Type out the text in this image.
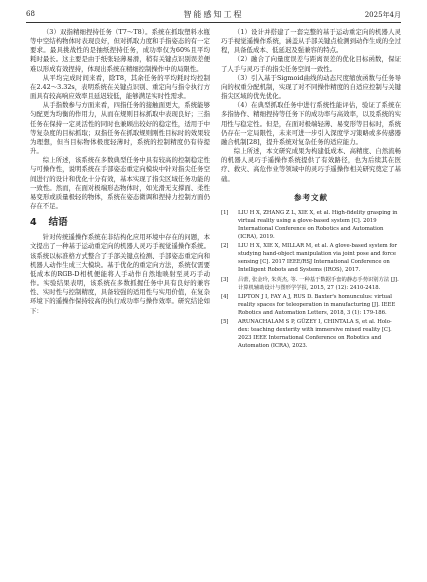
68	智能感知工程	2025年4月

（3）双指精细捏持任务（T7～T8）。系统在抓取塑料水瓶等中空结构物体时表现良好，但对抓取力度和手指姿态的有一定要求。最具挑战性的是抽纸捏持任务，成功率仅为60%且平均耗时最长。这主要是由于纸张轻薄易滑，稍有关键点识别误差便难以形成有效捏持，体现出系统在精细控制操作中的局限性。

从平均完成时间来看，除T8，其余任务的平均耗时均控制在2.42～3.32s，表明系统在关键点识别、重定向与指令执行方面具有较高响应效率且延迟较低，能够满足实时性需求。

从手指数参与方面来看，四指任务的接触面更大，系统能够匀配更为均衡的作用力，从而在规则目标抓取中表现良好；三指任务在保持一定灵活性的同时也兼顾出较好的稳定性，适用于中等复杂度的目标抓取；双指任务在抓取规则刚性目标时的效果较为理想，但当目标物体极度轻薄时，系统的控制精度仍有待提升。

综上所述，该系统在多数典型任务中具有较高的控制稳定性与可操作性，说明系统在手部姿态重定向模块中针对指尖任务空间进行的设计和优化十分有效，基本实现了指尖区域任务功能的一致性。然而，在面对极端形态物体时，如光滑无支撑面、柔性易变形或质量极轻的物体，系统在姿态微调和捏持力控制方面仍存在不足。

4 结语

针对传统遥操作系统在非结构化应用环境中存在的问题，本文提出了一种基于运动重定向的机器人灵巧手视觉遥操作系统。该系统以标准格方式整合了手部关键点检测、手部姿态重定向和机器人动作生成三大模块。基于优化的重定向方法，系统仅需要低成本的RGB-D相机便能将人手动作自然地映射至灵巧手动作。实验结果表明，该系统在多数抓握任务中具有良好的兼容性、实时性与控制精度，具备较强的适用性与实用价值，在复杂环境下的遥操作保持较高的执行成功率与操作效率。研究结论如下：

（1）设计并搭建了一套完整的基于运动重定向的机器人灵巧手视觉遥操作系统，涵盖从手部关键点检测到动作生成的全过程，具备低成本、低延迟及强兼容的特点。

（2）融合了向量度误差与距离误差的优化目标函数，保证了人手与灵巧手的指尖任务空间一致性。

（3）引入基于Sigmoid曲线的动态尺度缩放函数与任务导向的权重分配机制，实现了对不同操作精度的自适应控制与关键指尖区域的优先优化。

（4）在典型抓取任务中进行系统性能评估，验证了系统在多指协作、精细捏持等任务下的成功率与高效率，以及系统的实用性与稳定性。但是，在面对极端轻薄、易变形等目标时，系统仍存在一定局限性，未来可进一步引入深度学习策略或多传感器融合机制[28]，提升系统对复杂任务的适应能力。

综上所述，本文研究成果为构建低成本、高精度、自然流畅的机器人灵巧手遥操作系统提供了有效路径，也为后续其在医疗、救灾、高危作业等领域中的灵巧手遥操作相关研究奠定了基础。

参考文献
[1]	LIU H X, ZHANG Z L, XIE X, et al. High-fidelity grasping in virtual reality using a glove-based system [C]. 2019 International Conference on Robotics and Automation (ICRA), 2019.
[2]	LIU H X, XIE X, MILLAR M, et al. A glove-based system for studying hand-object manipulation via joint pose and force sensing [C]. 2017 IEEE/RSJ International Conference on Intelligent Robots and Systems (IROS), 2017.
[3]	吕蕾, 张金玲, 朱英杰, 等. 一种基于数据手套的静态手势识别方法 [J]. 计算机辅助设计与图形学学报, 2015, 27 (12): 2410-2418.
[4]	LIPTON J I, FAY A J, RUS D. Baxter's homunculus: virtual reality spaces for teleoperation in manufacturing [J]. IEEE Robotics and Automation Letters, 2018, 3 (1): 179-186.
[5]	ARUNACHALAM S P, GÜZEY I, CHINTALA S, et al. Holo-dex: teaching dexterity with immersive mixed reality [C]. 2023 IEEE International Conference on Robotics and Automation (ICRA), 2023.
